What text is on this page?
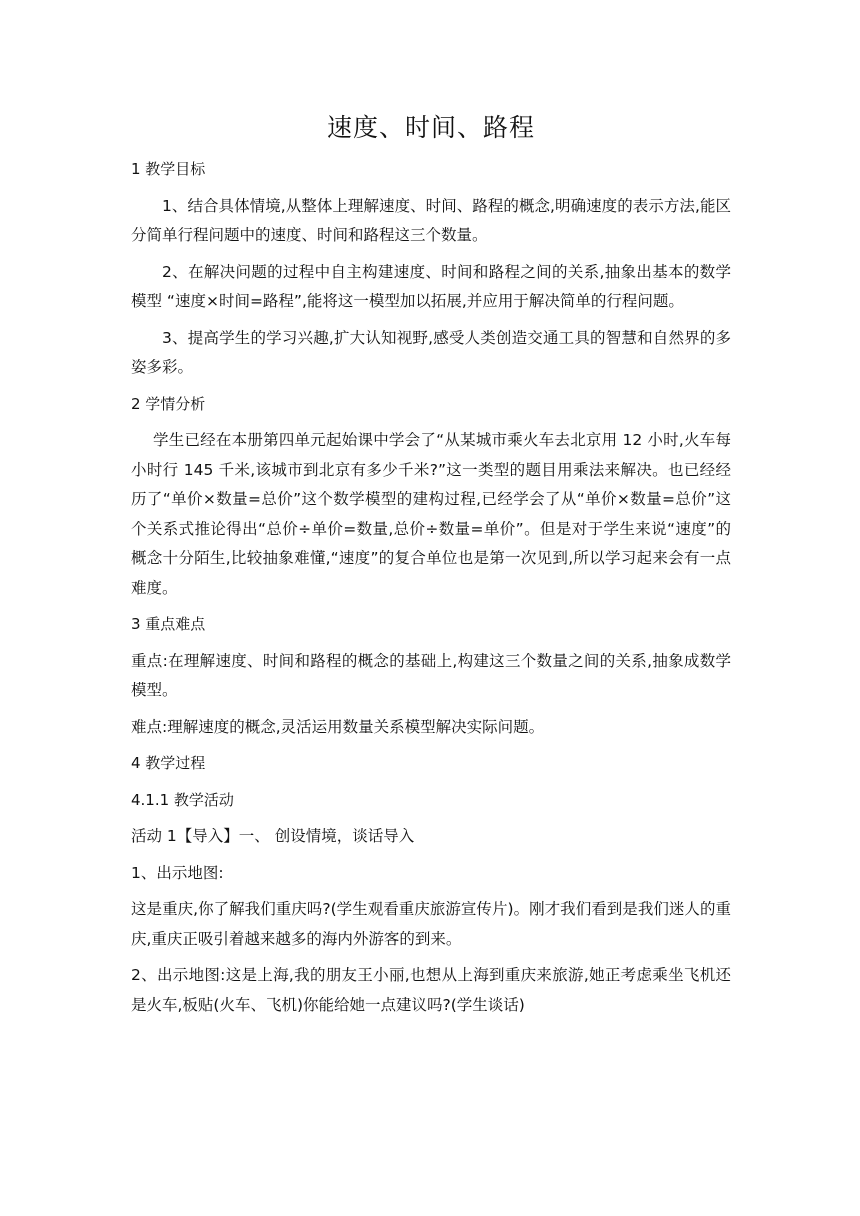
速度、时间、路程
1 教学目标
1、结合具体情境,从整体上理解速度、时间、路程的概念,明确速度的表示方法,能区分简单行程问题中的速度、时间和路程这三个数量。
2、在解决问题的过程中自主构建速度、时间和路程之间的关系,抽象出基本的数学模型 “速度×时间=路程”,能将这一模型加以拓展,并应用于解决简单的行程问题。
3、提高学生的学习兴趣,扩大认知视野,感受人类创造交通工具的智慧和自然界的多姿多彩。
2 学情分析
学生已经在本册第四单元起始课中学会了“从某城市乘火车去北京用 12 小时,火车每小时行 145 千米,该城市到北京有多少千米?”这一类型的题目用乘法来解决。也已经经历了“单价×数量=总价”这个数学模型的建构过程,已经学会了从“单价×数量=总价”这个关系式推论得出“总价÷单价=数量,总价÷数量=单价”。但是对于学生来说“速度”的概念十分陌生,比较抽象难懂,“速度”的复合单位也是第一次见到,所以学习起来会有一点难度。
3 重点难点
重点:在理解速度、时间和路程的概念的基础上,构建这三个数量之间的关系,抽象成数学模型。
难点:理解速度的概念,灵活运用数量关系模型解决实际问题。
4 教学过程
4.1.1 教学活动
活动 1【导入】一、 创设情境，谈话导入
1、出示地图:
这是重庆,你了解我们重庆吗?(学生观看重庆旅游宣传片)。刚才我们看到是我们迷人的重庆,重庆正吸引着越来越多的海内外游客的到来。
2、出示地图:这是上海,我的朋友王小丽,也想从上海到重庆来旅游,她正考虑乘坐飞机还是火车,板贴(火车、飞机)你能给她一点建议吗?(学生谈话)
